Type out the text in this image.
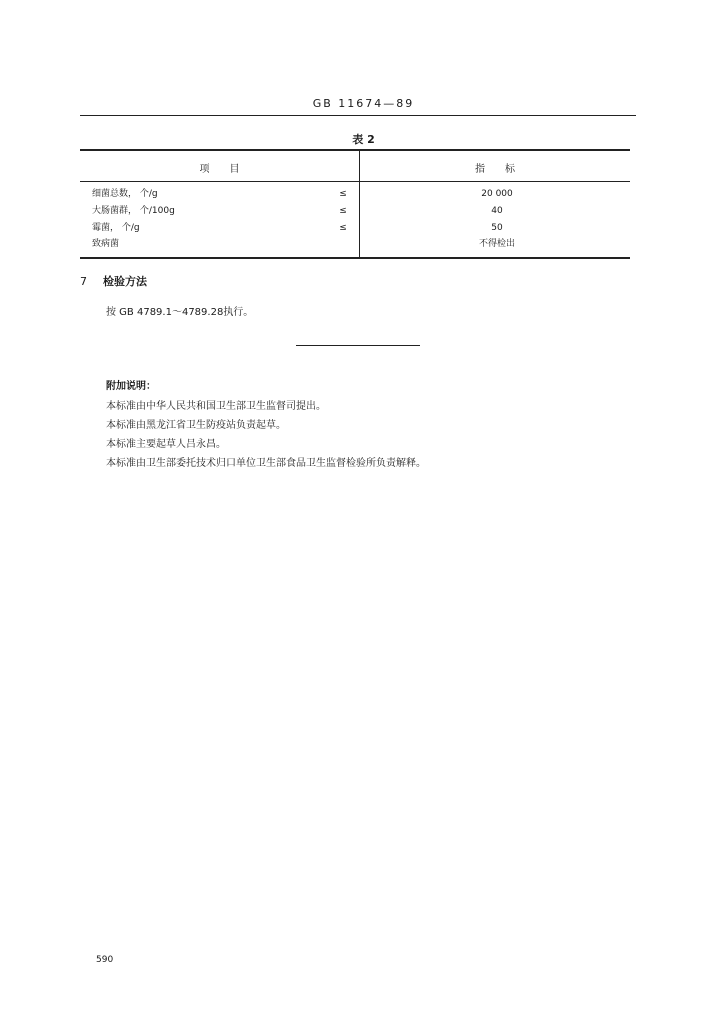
GB 11674—89
表 2
项　　目	指　　标
细菌总数， 个/g	≤	20 000
大肠菌群， 个/100g	≤	40
霉菌， 个/g	≤	50
致病菌	不得检出
7 检验方法
按 GB 4789.1～4789.28执行。
附加说明：
本标准由中华人民共和国卫生部卫生监督司提出。
本标准由黑龙江省卫生防疫站负责起草。
本标准主要起草人吕永昌。
本标准由卫生部委托技术归口单位卫生部食品卫生监督检验所负责解释。
590
